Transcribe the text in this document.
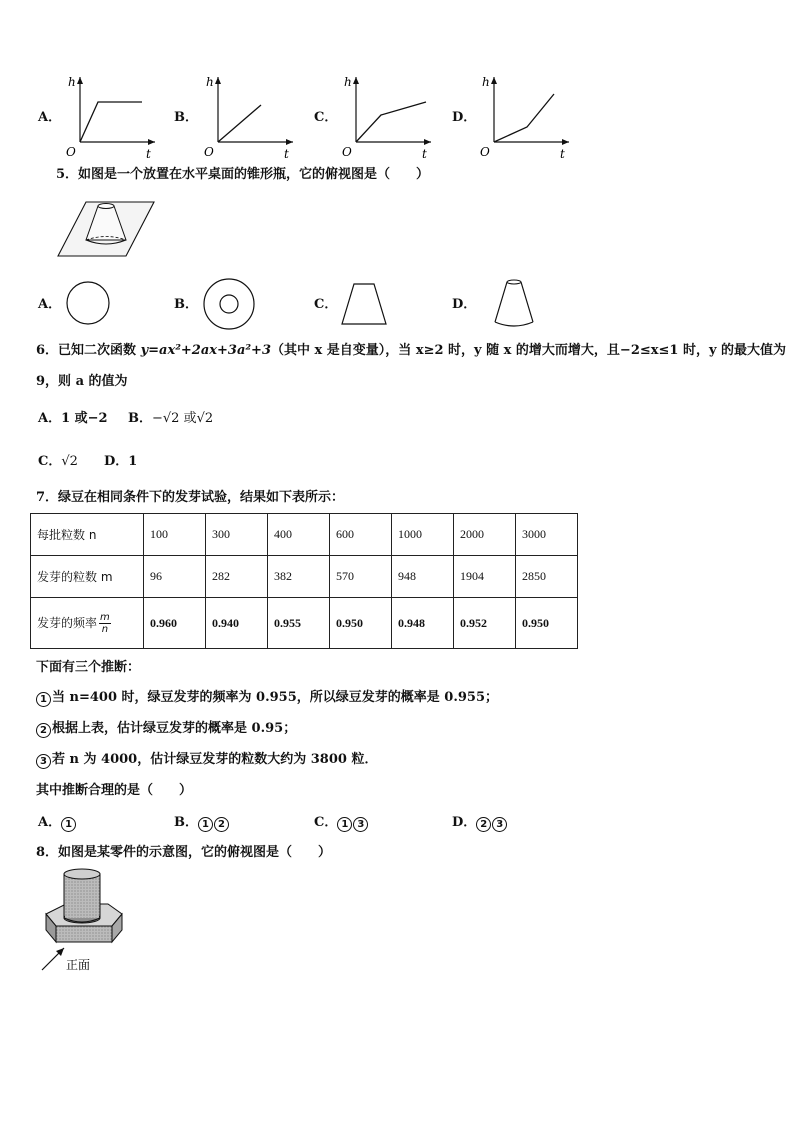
A．
h
t
O
B．
h
t
O
C．
h
t
O
D．
h
t
O
5．如图是一个放置在水平桌面的锥形瓶，它的俯视图是（　　）
A．	B．	C．	D．
6．已知二次函数 y=ax²+2ax+3a²+3（其中 x 是自变量），当 x≥2 时，y 随 x 的增大而增大，且−2≤x≤1 时，y 的最大值为
9，则 a 的值为
A．1 或−2 B．−√2 或√2
C．√2 D．1
7．绿豆在相同条件下的发芽试验，结果如下表所示：
每批粒数 n	100	300	400	600	1000	2000	3000
发芽的粒数 m	96	282	382	570	948	1904	2850
发芽的频率 $\frac{m}{n}$	0.960	0.940	0.955	0.950	0.948	0.952	0.950
下面有三个推断：
1 当 n=400 时，绿豆发芽的频率为 0.955，所以绿豆发芽的概率是 0.955；
2 根据上表，估计绿豆发芽的概率是 0.95；
3 若 n 为 4000，估计绿豆发芽的粒数大约为 3800 粒．
其中推断合理的是（　　）
A． 1	B． 1 2	C． 1 3	D． 2 3
8．如图是某零件的示意图，它的俯视图是（　　）
正面
